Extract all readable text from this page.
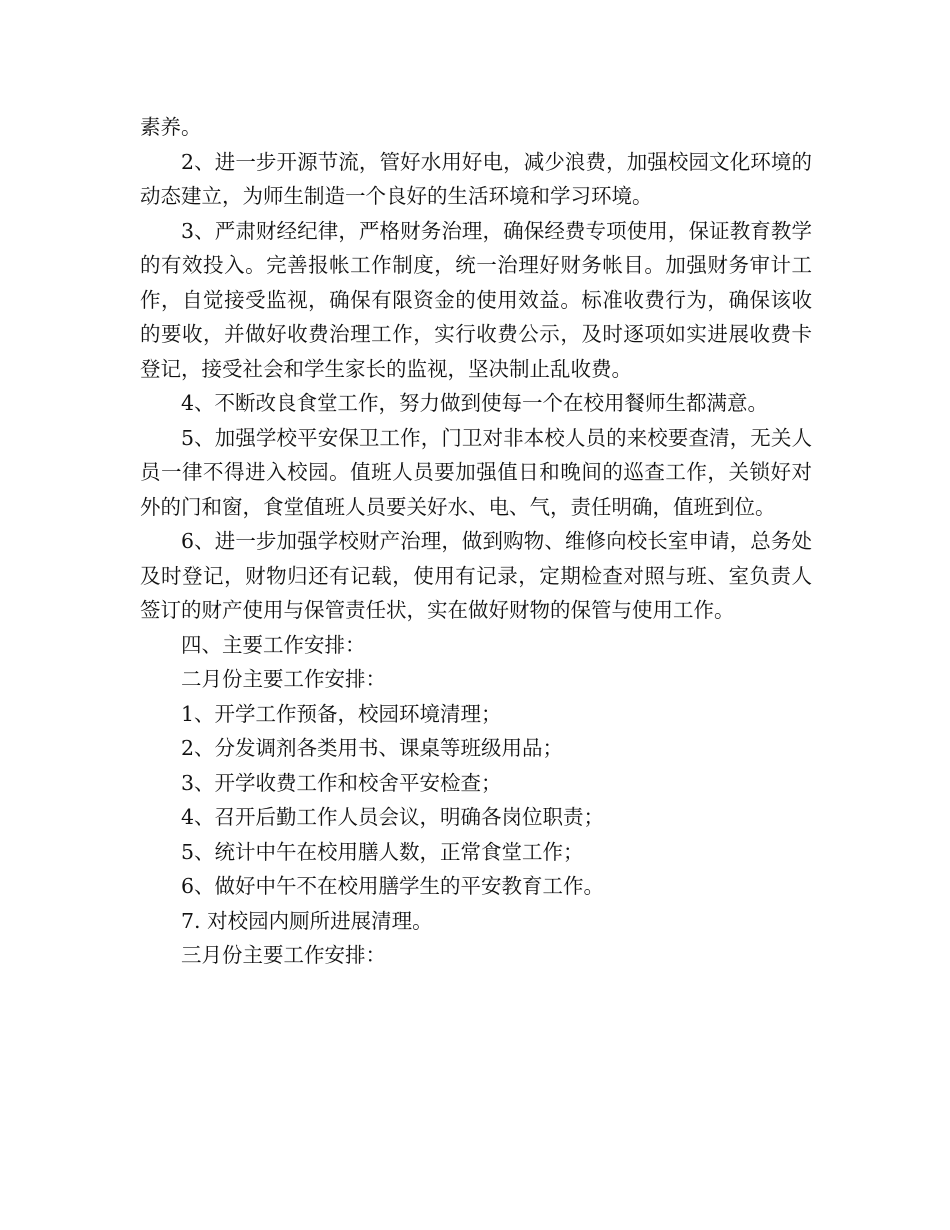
素养。

2、进一步开源节流，管好水用好电，减少浪费，加强校园文化环境的动态建立，为师生制造一个良好的生活环境和学习环境。

3、严肃财经纪律，严格财务治理，确保经费专项使用，保证教育教学的有效投入。完善报帐工作制度，统一治理好财务帐目。加强财务审计工作，自觉接受监视，确保有限资金的使用效益。标准收费行为，确保该收的要收，并做好收费治理工作，实行收费公示，及时逐项如实进展收费卡登记，接受社会和学生家长的监视，坚决制止乱收费。

4、不断改良食堂工作，努力做到使每一个在校用餐师生都满意。

5、加强学校平安保卫工作，门卫对非本校人员的来校要查清，无关人员一律不得进入校园。值班人员要加强值日和晚间的巡查工作，关锁好对外的门和窗，食堂值班人员要关好水、电、气，责任明确，值班到位。

6、进一步加强学校财产治理，做到购物、维修向校长室申请，总务处及时登记，财物归还有记载，使用有记录，定期检查对照与班、室负责人签订的财产使用与保管责任状，实在做好财物的保管与使用工作。

四、主要工作安排：

二月份主要工作安排：

1、开学工作预备，校园环境清理；

2、分发调剂各类用书、课桌等班级用品；

3、开学收费工作和校舍平安检查；

4、召开后勤工作人员会议，明确各岗位职责；

5、统计中午在校用膳人数，正常食堂工作；

6、做好中午不在校用膳学生的平安教育工作。

7. 对校园内厕所进展清理。

三月份主要工作安排：
